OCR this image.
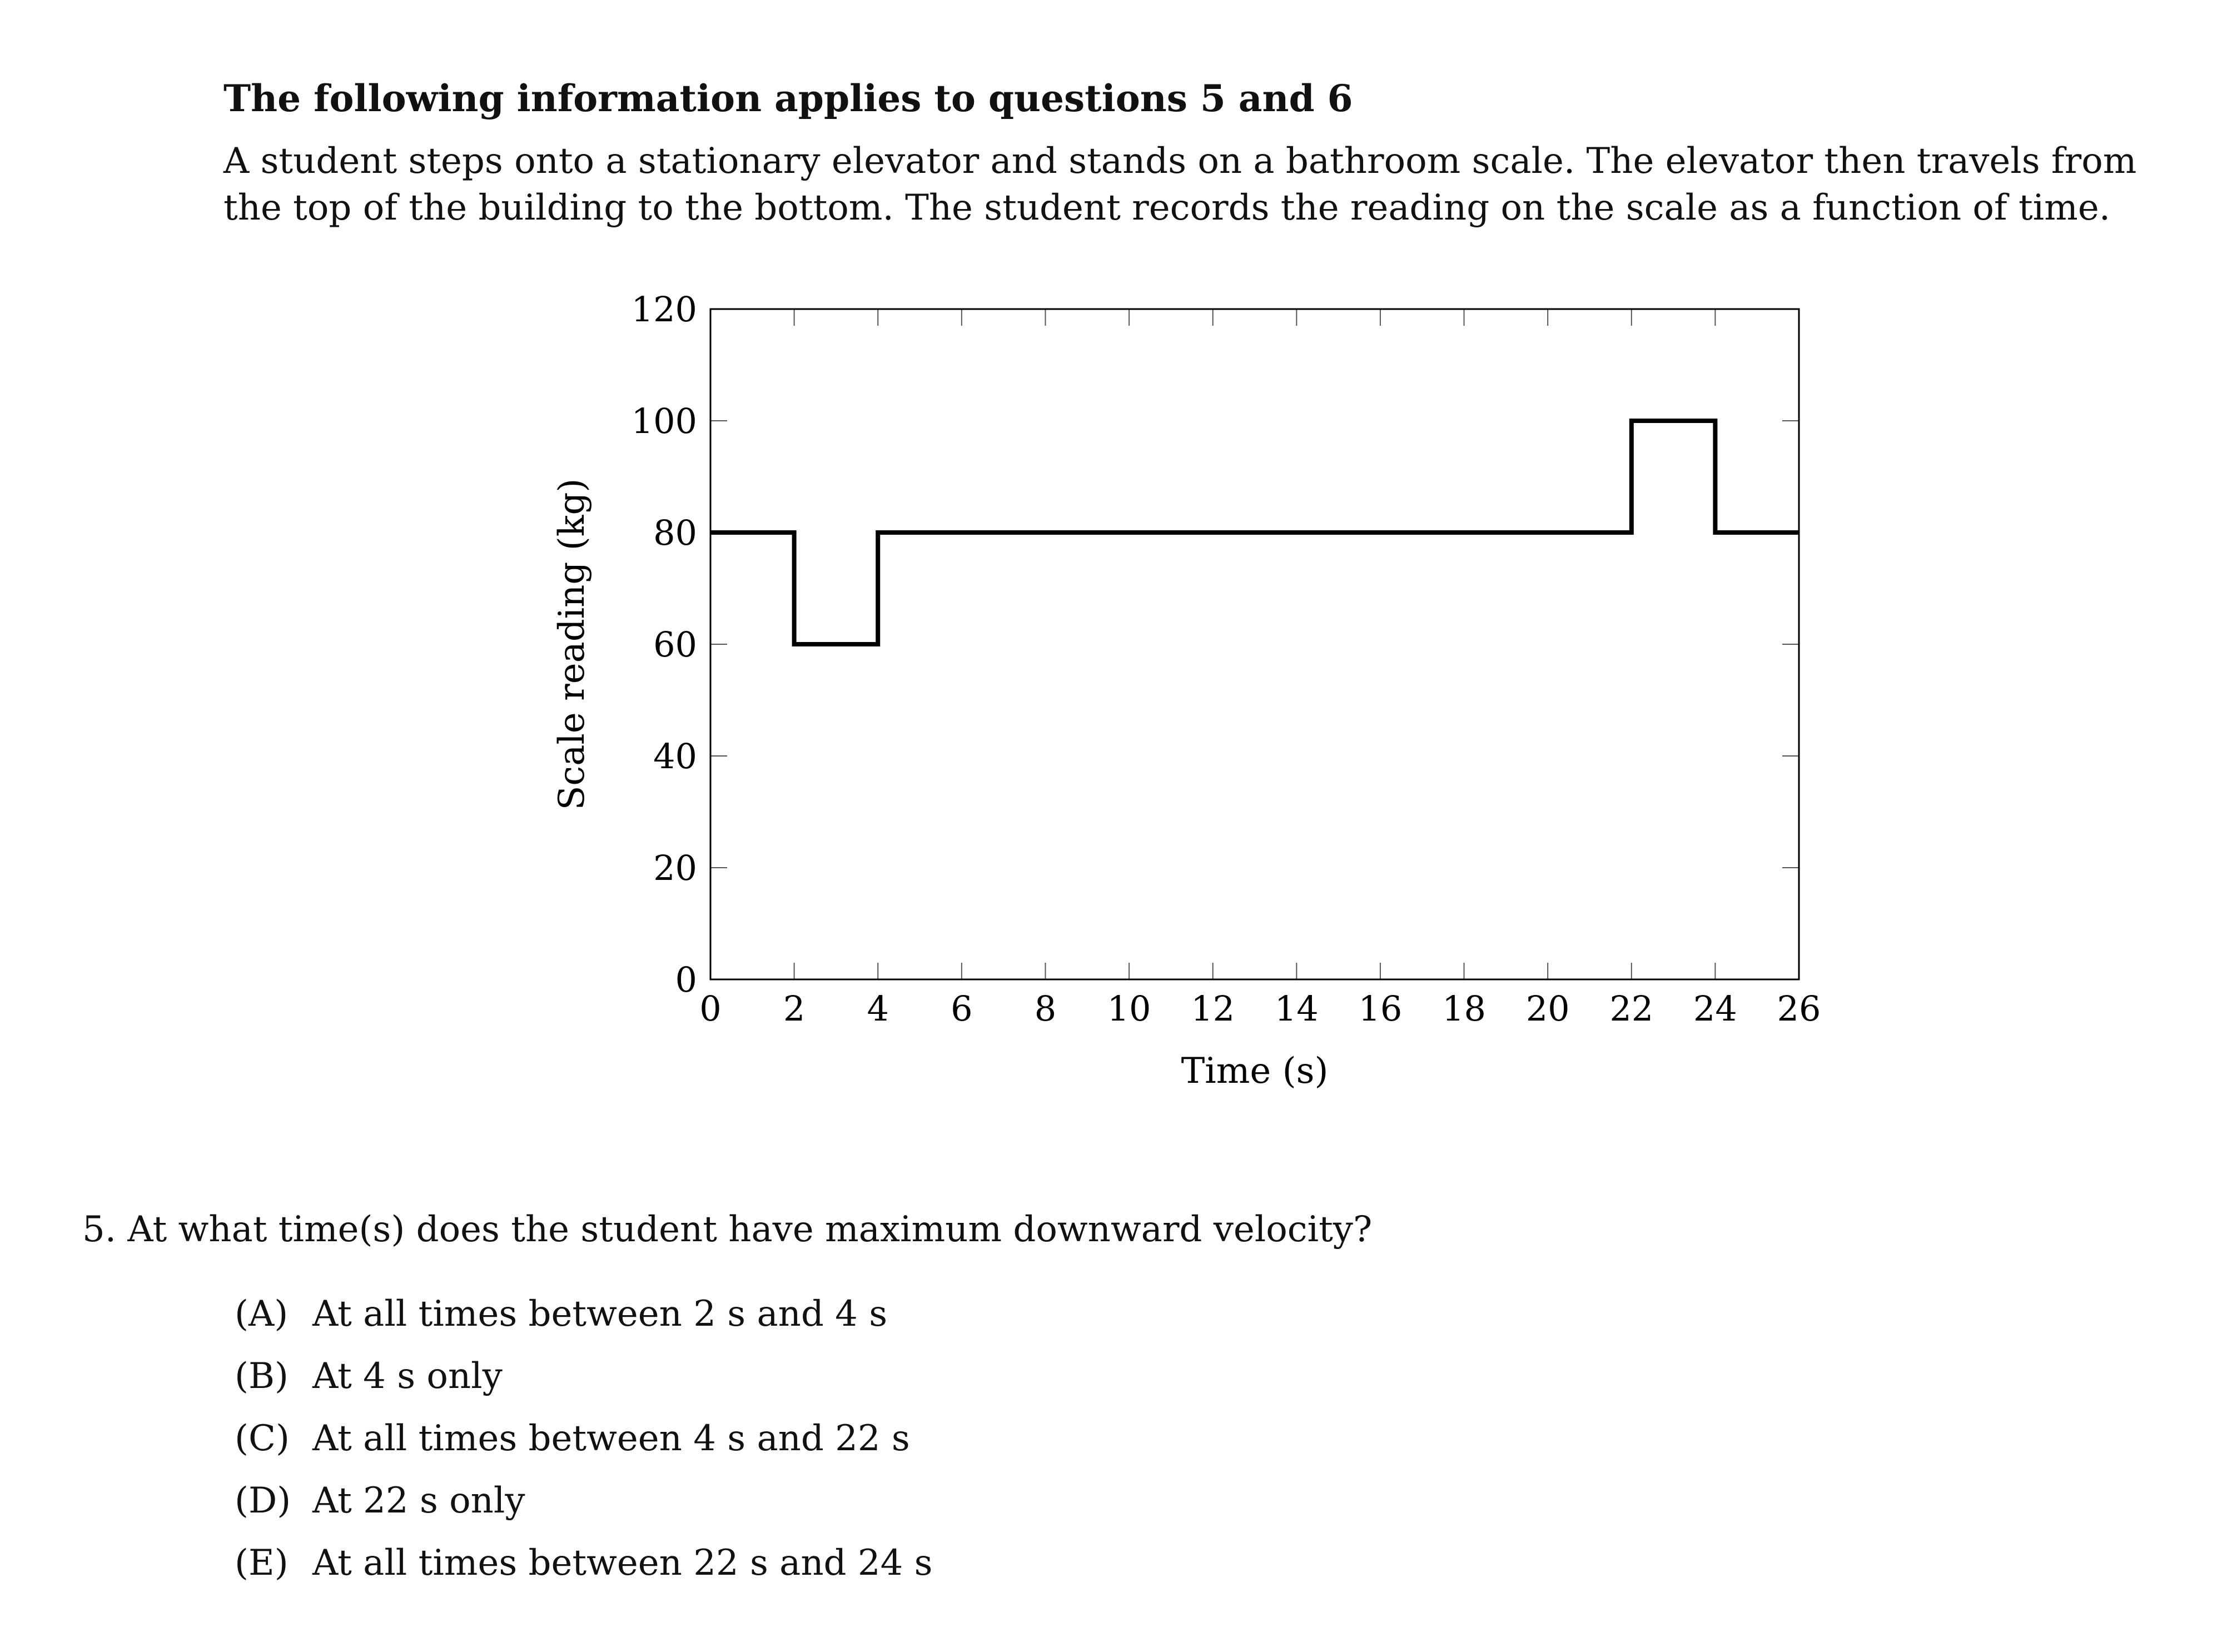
The following information applies to questions 5 and 6
A student steps onto a stationary elevator and stands on a bathroom scale. The elevator then travels from the top of the building to the bottom. The student records the reading on the scale as a function of time.
0
20
40
60
80
100
120
0 2 4 6 8 10 12 14 16 18 20 22 24 26
Time (s)
Scale reading (kg)
5. At what time(s) does the student have maximum downward velocity?
(A) At all times between 2 s and 4 s
(B) At 4 s only
(C) At all times between 4 s and 22 s
(D) At 22 s only
(E) At all times between 22 s and 24 s
